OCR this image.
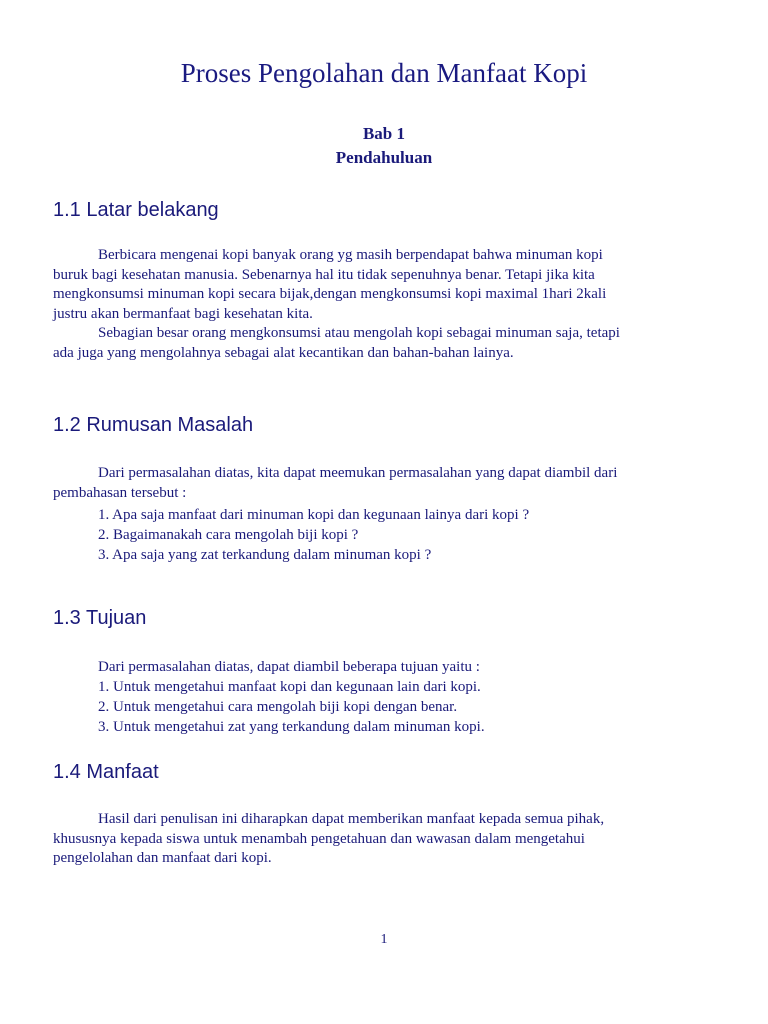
Proses Pengolahan dan Manfaat Kopi
Bab 1
Pendahuluan
1.1 Latar belakang
Berbicara mengenai kopi banyak orang yg masih berpendapat bahwa minuman kopi
buruk bagi kesehatan manusia. Sebenarnya hal itu tidak sepenuhnya benar. Tetapi jika kita
mengkonsumsi minuman kopi secara bijak,dengan mengkonsumsi kopi maximal 1hari 2kali
justru akan bermanfaat bagi kesehatan kita.
Sebagian besar orang mengkonsumsi atau mengolah kopi sebagai minuman saja, tetapi
ada juga yang mengolahnya sebagai alat kecantikan dan bahan-bahan lainya.
1.2 Rumusan Masalah
Dari permasalahan diatas, kita dapat meemukan permasalahan yang dapat diambil dari
pembahasan tersebut :
1. Apa saja manfaat dari minuman kopi dan kegunaan lainya dari kopi ?
2. Bagaimanakah cara mengolah biji kopi ?
3. Apa saja yang zat terkandung dalam minuman kopi ?
1.3 Tujuan
Dari permasalahan diatas, dapat diambil beberapa tujuan yaitu :
1. Untuk mengetahui manfaat kopi dan kegunaan lain dari kopi.
2. Untuk mengetahui cara mengolah biji kopi dengan benar.
3. Untuk mengetahui zat yang terkandung dalam minuman kopi.
1.4 Manfaat
Hasil dari penulisan ini diharapkan dapat memberikan manfaat kepada semua pihak,
khususnya kepada siswa untuk menambah pengetahuan dan wawasan dalam mengetahui
pengelolahan dan manfaat dari kopi.
1
